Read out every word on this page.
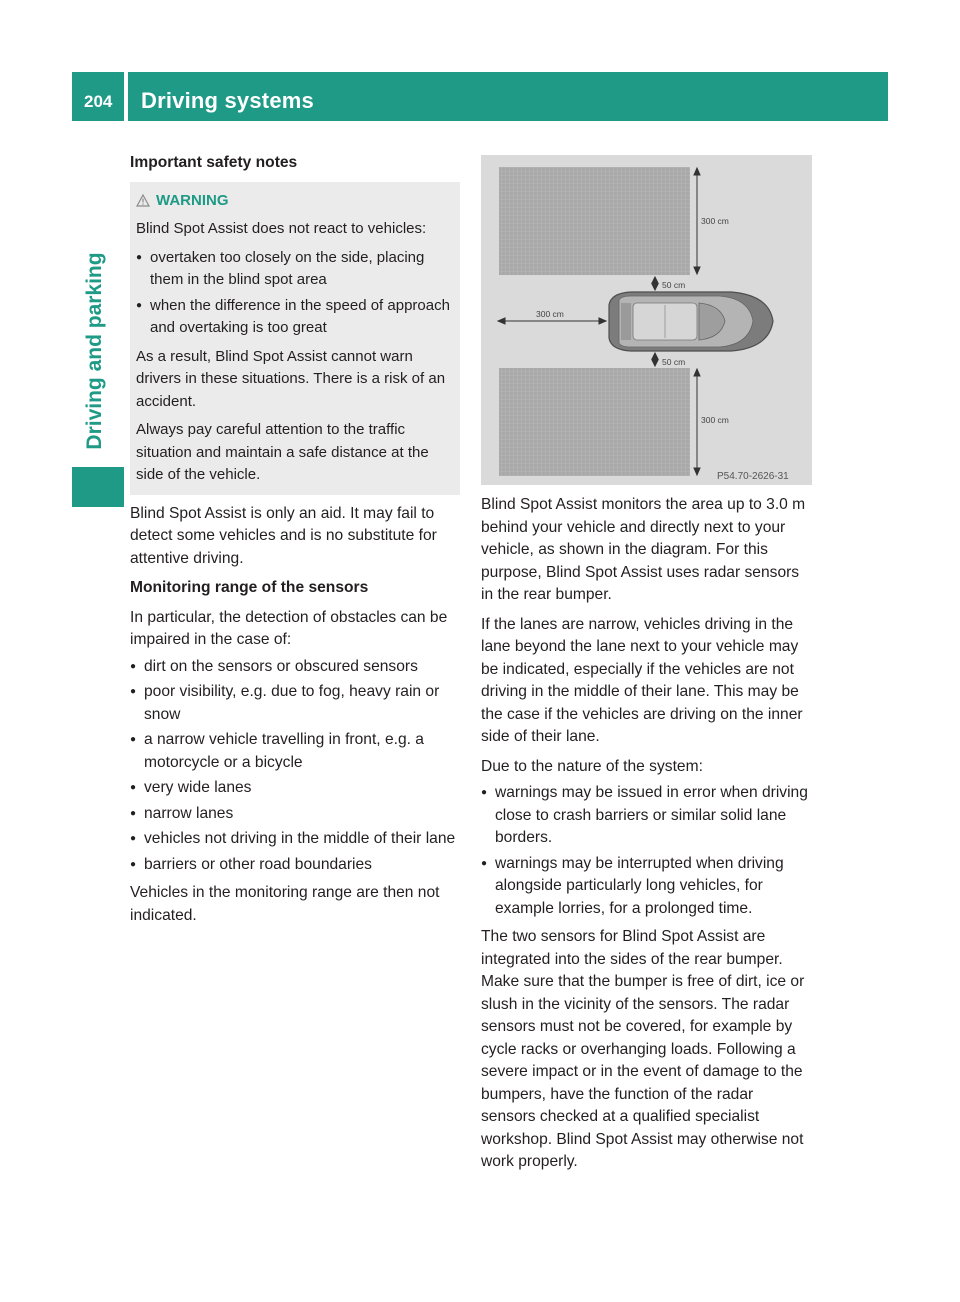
204 Driving systems
Driving and parking

Important safety notes

WARNING

Blind Spot Assist does not react to vehicles:

● overtaken too closely on the side, placing them in the blind spot area
● when the difference in the speed of approach and overtaking is too great

As a result, Blind Spot Assist cannot warn drivers in these situations. There is a risk of an accident.

Always pay careful attention to the traffic situation and maintain a safe distance at the side of the vehicle.

Blind Spot Assist is only an aid. It may fail to detect some vehicles and is no substitute for attentive driving.

Monitoring range of the sensors

In particular, the detection of obstacles can be impaired in the case of:

● dirt on the sensors or obscured sensors
● poor visibility, e.g. due to fog, heavy rain or snow
● a narrow vehicle travelling in front, e.g. a motorcycle or a bicycle
● very wide lanes
● narrow lanes
● vehicles not driving in the middle of their lane
● barriers or other road boundaries

Vehicles in the monitoring range are then not indicated.

300 cm
50 cm
300 cm
50 cm
300 cm
P54.70-2626-31

Blind Spot Assist monitors the area up to 3.0 m behind your vehicle and directly next to your vehicle, as shown in the diagram. For this purpose, Blind Spot Assist uses radar sensors in the rear bumper.

If the lanes are narrow, vehicles driving in the lane beyond the lane next to your vehicle may be indicated, especially if the vehicles are not driving in the middle of their lane. This may be the case if the vehicles are driving on the inner side of their lane.

Due to the nature of the system:

● warnings may be issued in error when driving close to crash barriers or similar solid lane borders.
● warnings may be interrupted when driving alongside particularly long vehicles, for example lorries, for a prolonged time.

The two sensors for Blind Spot Assist are integrated into the sides of the rear bumper. Make sure that the bumper is free of dirt, ice or slush in the vicinity of the sensors. The radar sensors must not be covered, for example by cycle racks or overhanging loads. Following a severe impact or in the event of damage to the bumpers, have the function of the radar sensors checked at a qualified specialist workshop. Blind Spot Assist may otherwise not work properly.
